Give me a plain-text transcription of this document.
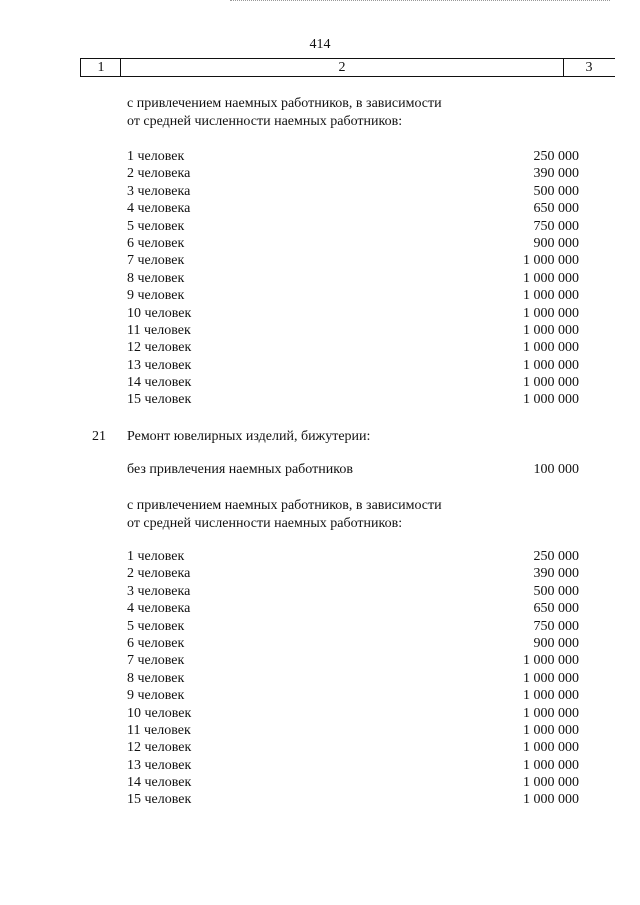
414
1	2	3
с привлечением наемных работников, в зависимости
от средней численности наемных работников:
1 человек	250 000
2 человека	390 000
3 человека	500 000
4 человека	650 000
5 человек	750 000
6 человек	900 000
7 человек	1 000 000
8 человек	1 000 000
9 человек	1 000 000
10 человек	1 000 000
11 человек	1 000 000
12 человек	1 000 000
13 человек	1 000 000
14 человек	1 000 000
15 человек	1 000 000
21 Ремонт ювелирных изделий, бижутерии:
без привлечения наемных работников	100 000
с привлечением наемных работников, в зависимости
от средней численности наемных работников:
1 человек	250 000
2 человека	390 000
3 человека	500 000
4 человека	650 000
5 человек	750 000
6 человек	900 000
7 человек	1 000 000
8 человек	1 000 000
9 человек	1 000 000
10 человек	1 000 000
11 человек	1 000 000
12 человек	1 000 000
13 человек	1 000 000
14 человек	1 000 000
15 человек	1 000 000
